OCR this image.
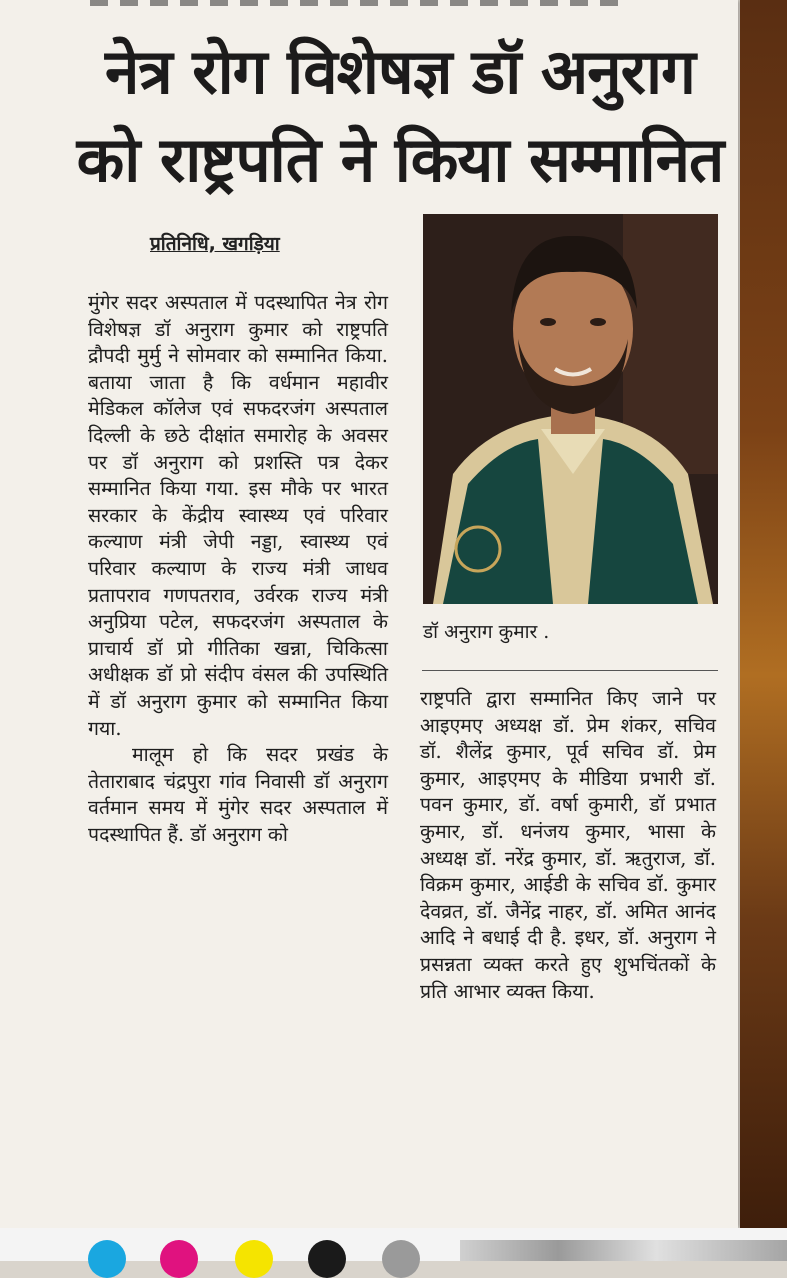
नेत्र रोग विशेषज्ञ डॉ अनुराग
को राष्ट्रपति ने किया सम्मानित
प्रतिनिधि, खगड़िया

मुंगेर सदर अस्पताल में पदस्थापित नेत्र रोग विशेषज्ञ डॉ अनुराग कुमार को राष्ट्रपति द्रौपदी मुर्मु ने सोमवार को सम्मानित किया. बताया जाता है कि वर्धमान महावीर मेडिकल कॉलेज एवं सफदरजंग अस्पताल दिल्ली के छठे दीक्षांत समारोह के अवसर पर डॉ अनुराग को प्रशस्ति पत्र देकर सम्मानित किया गया. इस मौके पर भारत सरकार के केंद्रीय स्वास्थ्य एवं परिवार कल्याण मंत्री जेपी नड्डा, स्वास्थ्य एवं परिवार कल्याण के राज्य मंत्री जाधव प्रतापराव गणपतराव, उर्वरक राज्य मंत्री अनुप्रिया पटेल, सफदरजंग अस्पताल के प्राचार्य डॉ प्रो गीतिका खन्ना, चिकित्सा अधीक्षक डॉ प्रो संदीप वंसल की उपस्थिति में डॉ अनुराग कुमार को सम्मानित किया गया.

मालूम हो कि सदर प्रखंड के तेताराबाद चंद्रपुरा गांव निवासी डॉ अनुराग वर्तमान समय में मुंगेर सदर अस्पताल में पदस्थापित हैं. डॉ अनुराग को

डॉ अनुराग कुमार .

राष्ट्रपति द्वारा सम्मानित किए जाने पर आइएमए अध्यक्ष डॉ. प्रेम शंकर, सचिव डॉ. शैलेंद्र कुमार, पूर्व सचिव डॉ. प्रेम कुमार, आइएमए के मीडिया प्रभारी डॉ. पवन कुमार, डॉ. वर्षा कुमारी, डॉ प्रभात कुमार, डॉ. धनंजय कुमार, भासा के अध्यक्ष डॉ. नरेंद्र कुमार, डॉ. ऋतुराज, डॉ. विक्रम कुमार, आईडी के सचिव डॉ. कुमार देवव्रत, डॉ. जैनेंद्र नाहर, डॉ. अमित आनंद आदि ने बधाई दी है. इधर, डॉ. अनुराग ने प्रसन्नता व्यक्त करते हुए शुभचिंतकों के प्रति आभार व्यक्त किया.
